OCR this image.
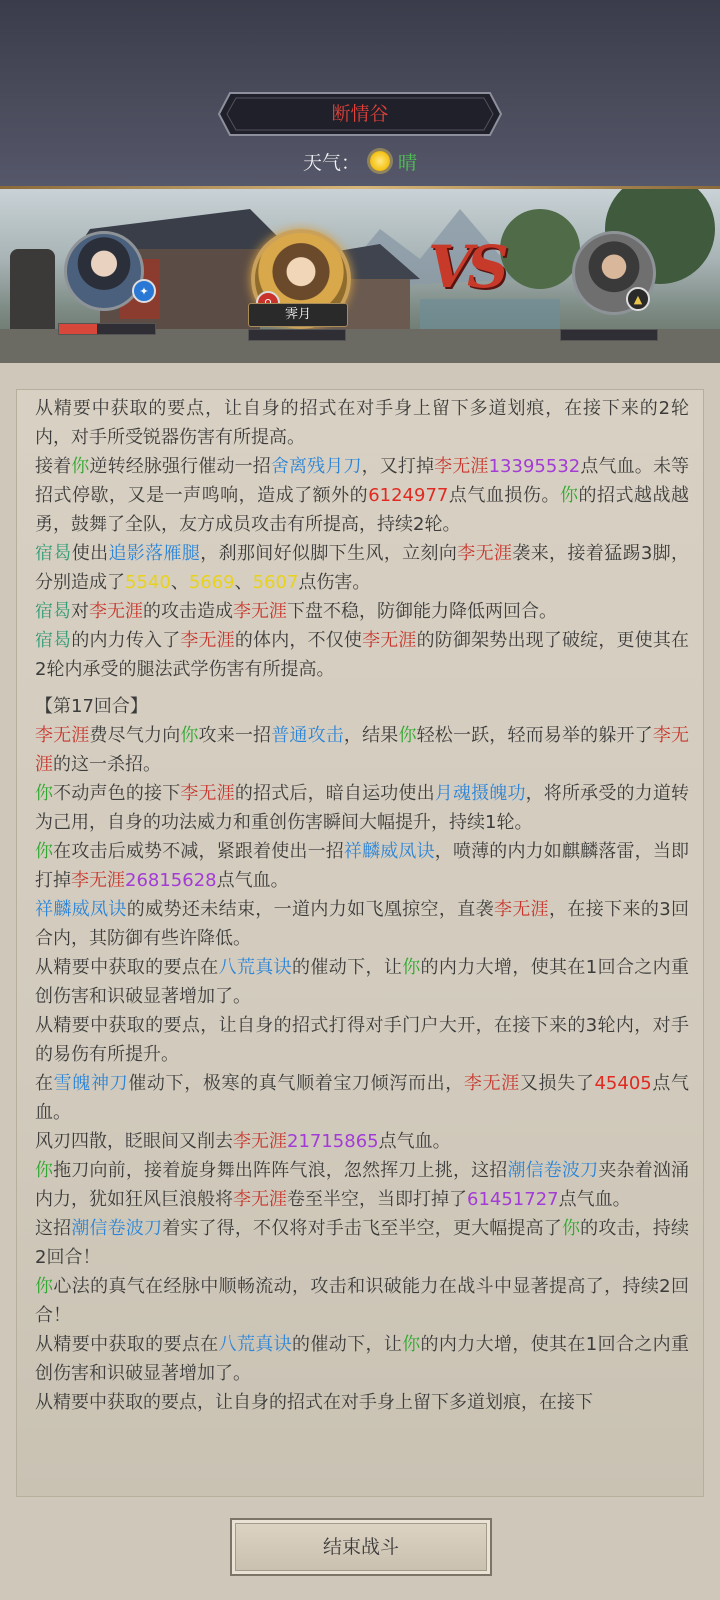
断情谷
天气： 晴
✦
霁月
VS	▲

从精要中获取的要点，让自身的招式在对手身上留下多道划痕，在接下来的2轮内，对手所受锐器伤害有所提高。

接着你逆转经脉强行催动一招舍离残月刀，又打掉李无涯13395532点气血。未等招式停歇，又是一声鸣响，造成了额外的6124977点气血损伤。你的招式越战越勇，鼓舞了全队，友方成员攻击有所提高，持续2轮。

宿曷使出追影落雁腿，刹那间好似脚下生风，立刻向李无涯袭来，接着猛踢3脚，分别造成了5540、5669、5607点伤害。

宿曷对李无涯的攻击造成李无涯下盘不稳，防御能力降低两回合。

宿曷的内力传入了李无涯的体内，不仅使李无涯的防御架势出现了破绽，更使其在2轮内承受的腿法武学伤害有所提高。

【第17回合】

李无涯费尽气力向你攻来一招普通攻击，结果你轻松一跃，轻而易举的躲开了李无涯的这一杀招。

你不动声色的接下李无涯的招式后，暗自运功使出月魂摄魄功，将所承受的力道转为己用，自身的功法威力和重创伤害瞬间大幅提升，持续1轮。

你在攻击后威势不减，紧跟着使出一招祥麟威凤诀，喷薄的内力如麒麟落雷，当即打掉李无涯26815628点气血。

祥麟威凤诀的威势还未结束，一道内力如飞凰掠空，直袭李无涯，在接下来的3回合内，其防御有些许降低。

从精要中获取的要点在八荒真诀的催动下，让你的内力大增，使其在1回合之内重创伤害和识破显著增加了。

从精要中获取的要点，让自身的招式打得对手门户大开，在接下来的3轮内，对手的易伤有所提升。

在雪魄神刀催动下，极寒的真气顺着宝刀倾泻而出，李无涯又损失了45405点气血。

风刃四散，眨眼间又削去李无涯21715865点气血。

你拖刀向前，接着旋身舞出阵阵气浪，忽然挥刀上挑，这招潮信卷波刀夹杂着汹涌内力，犹如狂风巨浪般将李无涯卷至半空，当即打掉了61451727点气血。

这招潮信卷波刀着实了得，不仅将对手击飞至半空，更大幅提高了你的攻击，持续2回合！

你心法的真气在经脉中顺畅流动，攻击和识破能力在战斗中显著提高了，持续2回合！

从精要中获取的要点在八荒真诀的催动下，让你的内力大增，使其在1回合之内重创伤害和识破显著增加了。

从精要中获取的要点，让自身的招式在对手身上留下多道划痕，在接下

结束战斗
